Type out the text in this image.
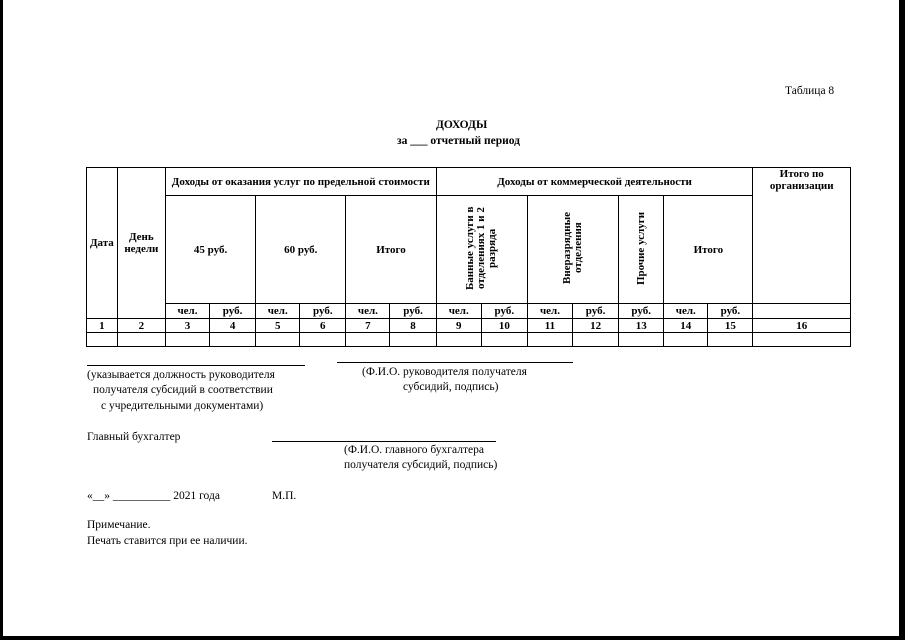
Таблица 8
ДОХОДЫ
за ___ отчетный период
Дата	День недели	Доходы от оказания услуг по предельной стоимости						Доходы от коммерческой деятельности							Итого по организации
		45 руб.		60 руб.		Итого		Банные услуги в отделениях 1 и 2 разряда		Внеразрядные отделения		Прочие услуги	Итого		
		чел.	руб.	чел.	руб.	чел.	руб.	чел.	руб.	чел.	руб.	руб.	чел.	руб.	
1	2	3	4	5	6	7	8	9	10	11	12	13	14	15	16

(указывается должность руководителя
получателя субсидий в соответствии
с учредительными документами)
(Ф.И.О. руководителя получателя
субсидий, подпись)
Главный бухгалтер
(Ф.И.О. главного бухгалтера
получателя субсидий, подпись)
«__» __________ 2021 года	М.П.
Примечание.
Печать ставится при ее наличии.
